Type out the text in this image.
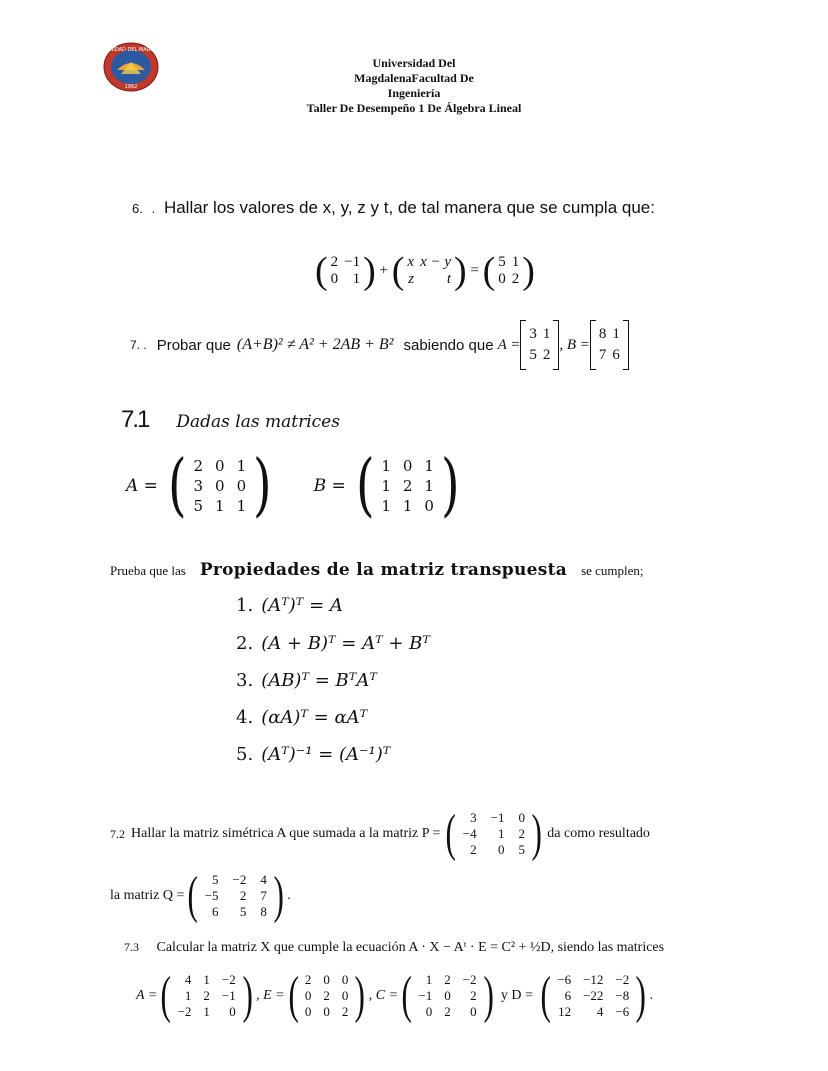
UNIVERSIDAD DEL MAGDALENA
1962
Universidad Del
MagdalenaFacultad De
Ingeniería
Taller De Desempeño 1 De Álgebra Lineal
6. . Hallar los valores de x, y, z y t, de tal manera que se cumpla que:
( 2 −1
0 1 ) + ( x x − y
z	t ) = ( 5 1
0 2 )
7. . Probar que (A+B)² ≠ A² + 2AB + B² sabiendo que A =
3 1
5 2
, B =
8 1
7 6
7.1 Dadas las matrices
A = ( 2 0 1
3 0 0
5 1 1 ) B = ( 1 0 1
1 2 1
1 1 0 )
Prueba que las Propiedades de la matriz transpuesta se cumplen;
1. (Aᵀ)ᵀ = A
2. (A + B)ᵀ = Aᵀ + Bᵀ
3. (AB)ᵀ = BᵀAᵀ
4. (αA)ᵀ = αAᵀ
5. (Aᵀ)⁻¹ = (A⁻¹)ᵀ
7.2 Hallar la matriz simétrica A que sumada a la matriz P = (	3 −1 0
−4	1 2
2	0 5 ) da como resultado
la matriz Q = (	5 −2 4
−5	2 7
6	5 8 ) .
7.3 Calcular la matriz X que cumple la ecuación A · X − Aᵗ · E = C² + ½D, siendo las matrices
A = (	4 1 −2
1 2 −1
−2 1	0 ) , E = ( 2 0 0
0 2 0
0 0 2 ) , C = (	1 2 −2
−1 0	2
0 2	0 ) y D = ( −6 −12 −2
6 −22 −8
12	4 −6 ) .
